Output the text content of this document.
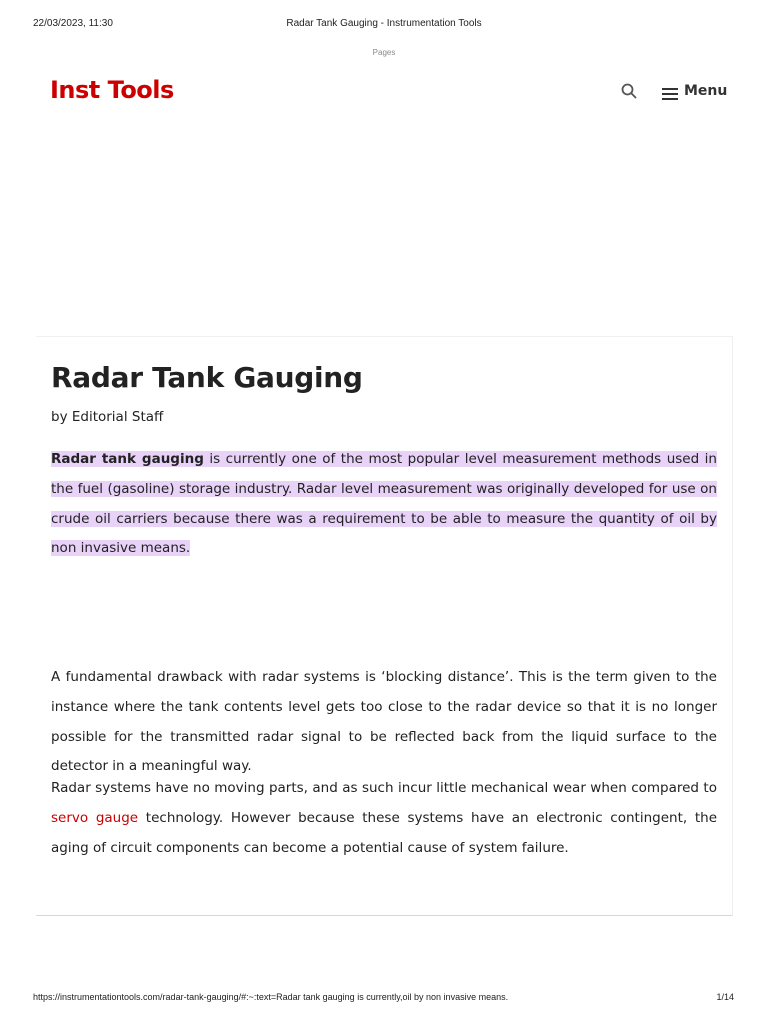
22/03/2023, 11:30	Radar Tank Gauging - Instrumentation Tools
Pages
Inst Tools	Menu
Radar Tank Gauging
by Editorial Staff

Radar tank gauging is currently one of the most popular level measurement methods used in the fuel (gasoline) storage industry. Radar level measurement was originally developed for use on crude oil carriers because there was a requirement to be able to measure the quantity of oil by non invasive means.

A fundamental drawback with radar systems is ‘blocking distance’. This is the term given to the instance where the tank contents level gets too close to the radar device so that it is no longer possible for the transmitted radar signal to be reflected back from the liquid surface to the detector in a meaningful way.

Radar systems have no moving parts, and as such incur little mechanical wear when compared to servo gauge technology. However because these systems have an electronic contingent, the aging of circuit components can become a potential cause of system failure.

https://instrumentationtools.com/radar-tank-gauging/#:~:text=Radar tank gauging is currently,oil by non invasive means.	1/14
